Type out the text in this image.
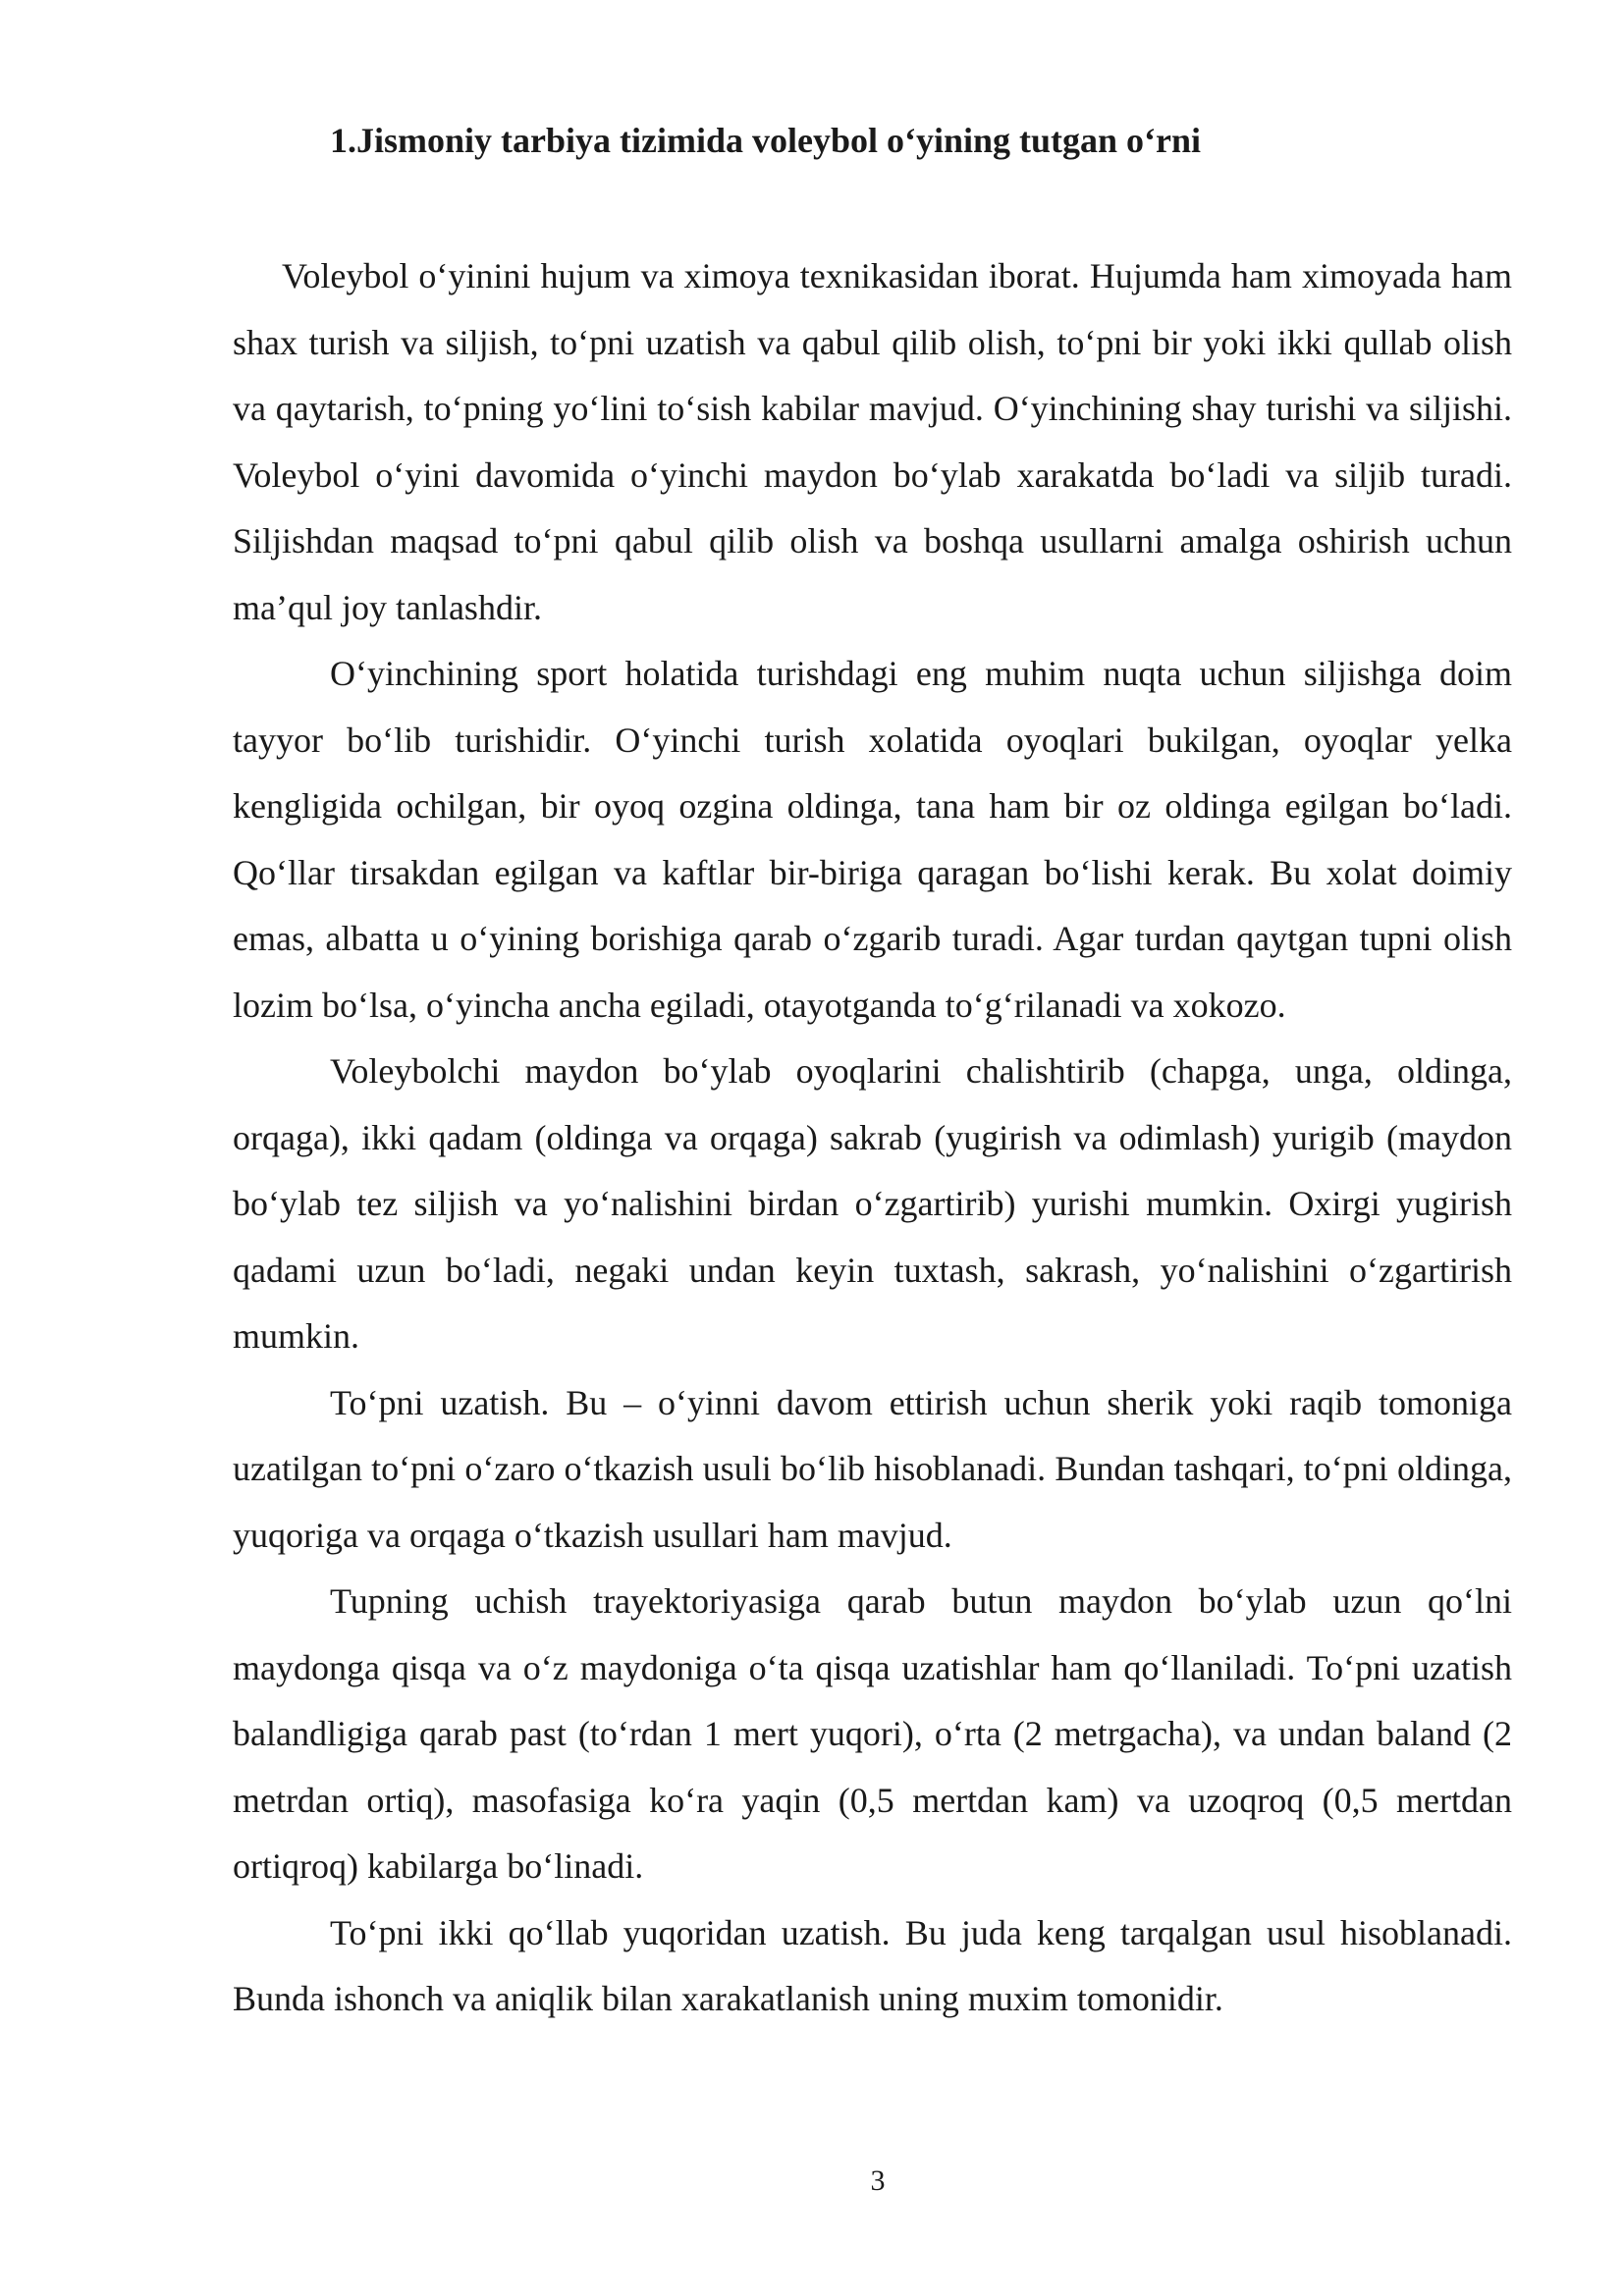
1.Jismoniy tarbiya tizimida voleybol o‘yining tutgan o‘rni

Voleybol o‘yinini hujum va ximoya texnikasidan iborat. Hujumda ham ximoyada ham shax turish va siljish, to‘pni uzatish va qabul qilib olish, to‘pni bir yoki ikki qullab olish va qaytarish, to‘pning yo‘lini to‘sish kabilar mavjud. O‘yinchining shay turishi va siljishi. Voleybol o‘yini davomida o‘yinchi maydon bo‘ylab xarakatda bo‘ladi va siljib turadi. Siljishdan maqsad to‘pni qabul qilib olish va boshqa usullarni amalga oshirish uchun ma’qul joy tanlashdir.

O‘yinchining sport holatida turishdagi eng muhim nuqta uchun siljishga doim tayyor bo‘lib turishidir. O‘yinchi turish xolatida oyoqlari bukilgan, oyoqlar yelka kengligida ochilgan, bir oyoq ozgina oldinga, tana ham bir oz oldinga egilgan bo‘ladi. Qo‘llar tirsakdan egilgan va kaftlar bir-biriga qaragan bo‘lishi kerak. Bu xolat doimiy emas, albatta u o‘yining borishiga qarab o‘zgarib turadi. Agar turdan qaytgan tupni olish lozim bo‘lsa, o‘yincha ancha egiladi, otayotganda to‘g‘rilanadi va xokozo.

Voleybolchi maydon bo‘ylab oyoqlarini chalishtirib (chapga, unga, oldinga, orqaga), ikki qadam (oldinga va orqaga) sakrab (yugirish va odimlash) yurigib (maydon bo‘ylab tez siljish va yo‘nalishini birdan o‘zgartirib) yurishi mumkin. Oxirgi yugirish qadami uzun bo‘ladi, negaki undan keyin tuxtash, sakrash, yo‘nalishini o‘zgartirish mumkin.

To‘pni uzatish. Bu – o‘yinni davom ettirish uchun sherik yoki raqib tomoniga uzatilgan to‘pni o‘zaro o‘tkazish usuli bo‘lib hisoblanadi. Bundan tashqari, to‘pni oldinga, yuqoriga va orqaga o‘tkazish usullari ham mavjud.

Tupning uchish trayektoriyasiga qarab butun maydon bo‘ylab uzun qo‘lni maydonga qisqa va o‘z maydoniga o‘ta qisqa uzatishlar ham qo‘llaniladi. To‘pni uzatish balandligiga qarab past (to‘rdan 1 mert yuqori), o‘rta (2 metrgacha), va undan baland (2 metrdan ortiq), masofasiga ko‘ra yaqin (0,5 mertdan kam) va uzoqroq (0,5 mertdan ortiqroq) kabilarga bo‘linadi.

To‘pni ikki qo‘llab yuqoridan uzatish. Bu juda keng tarqalgan usul hisoblanadi. Bunda ishonch va aniqlik bilan xarakatlanish uning muxim tomonidir.

3
